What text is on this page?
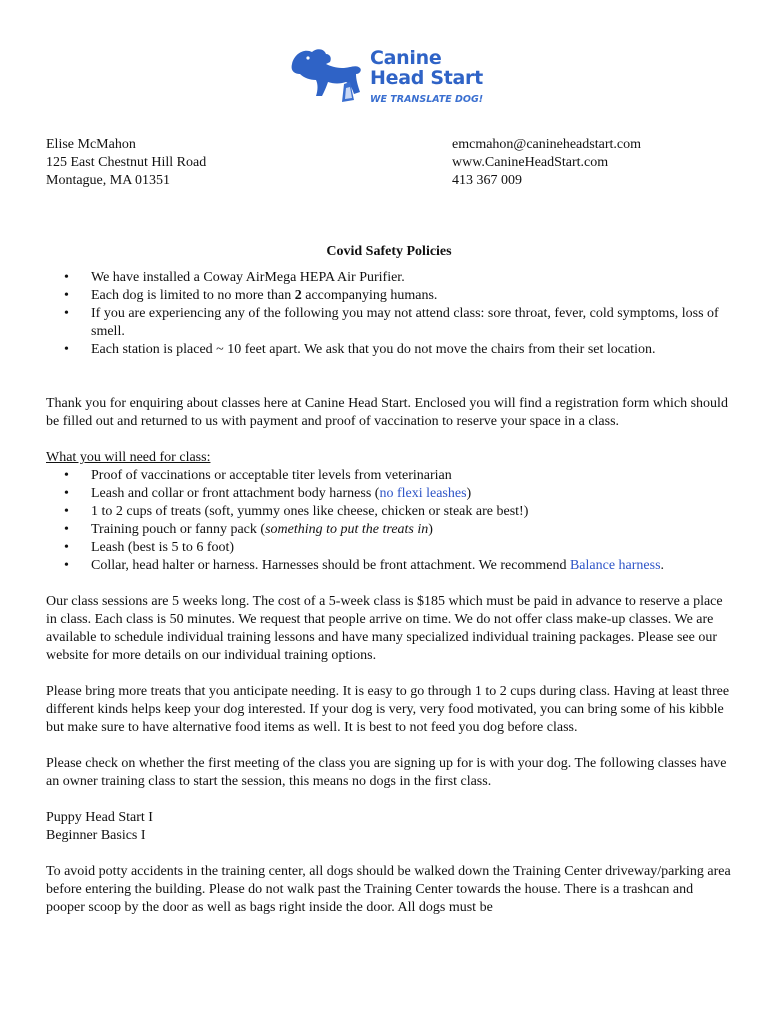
Canine
Head Start
WE TRANSLATE DOG!
Elise McMahon
125 East Chestnut Hill Road
Montague, MA 01351
emcmahon@canineheadstart.com
www.CanineHeadStart.com
413 367 009
Covid Safety Policies
• We have installed a Coway AirMega HEPA Air Purifier.
• Each dog is limited to no more than 2 accompanying humans.
• If you are experiencing any of the following you may not attend class: sore throat, fever, cold symptoms, loss of smell.
• Each station is placed ~ 10 feet apart. We ask that you do not move the chairs from their set location.

Thank you for enquiring about classes here at Canine Head Start. Enclosed you will find a registration form which should be filled out and returned to us with payment and proof of vaccination to reserve your space in a class.

What you will need for class:
• Proof of vaccinations or acceptable titer levels from veterinarian
• Leash and collar or front attachment body harness (no flexi leashes)
• 1 to 2 cups of treats (soft, yummy ones like cheese, chicken or steak are best!)
• Training pouch or fanny pack (something to put the treats in)
• Leash (best is 5 to 6 foot)
• Collar, head halter or harness. Harnesses should be front attachment. We recommend Balance harness.

Our class sessions are 5 weeks long. The cost of a 5-week class is $185 which must be paid in advance to reserve a place in class. Each class is 50 minutes. We request that people arrive on time. We do not offer class make-up classes. We are available to schedule individual training lessons and have many specialized individual training packages. Please see our website for more details on our individual training options.

Please bring more treats that you anticipate needing. It is easy to go through 1 to 2 cups during class. Having at least three different kinds helps keep your dog interested. If your dog is very, very food motivated, you can bring some of his kibble but make sure to have alternative food items as well. It is best to not feed you dog before class.

Please check on whether the first meeting of the class you are signing up for is with your dog. The following classes have an owner training class to start the session, this means no dogs in the first class.

Puppy Head Start I

Beginner Basics I

To avoid potty accidents in the training center, all dogs should be walked down the Training Center driveway/parking area before entering the building. Please do not walk past the Training Center towards the house. There is a trashcan and pooper scoop by the door as well as bags right inside the door. All dogs must be
